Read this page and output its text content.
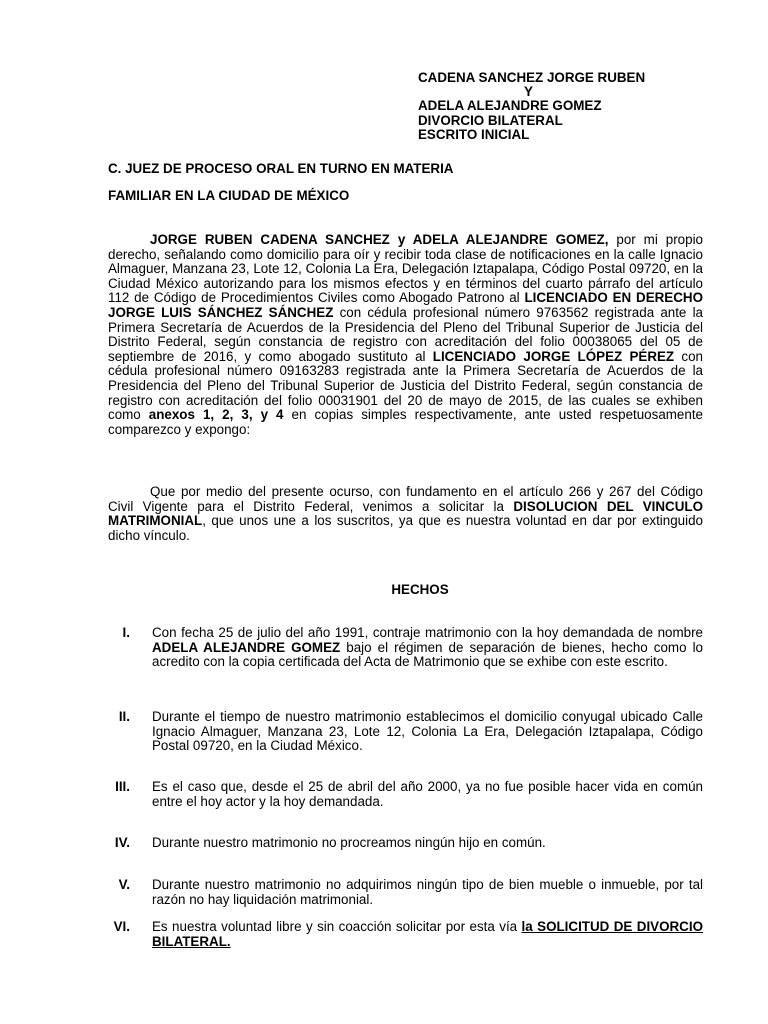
CADENA SANCHEZ JORGE RUBEN
Y
ADELA ALEJANDRE GOMEZ
DIVORCIO BILATERAL
ESCRITO INICIAL
C. JUEZ DE PROCESO ORAL EN TURNO EN MATERIA
FAMILIAR EN LA CIUDAD DE MÉXICO

JORGE RUBEN CADENA SANCHEZ y ADELA ALEJANDRE GOMEZ, por mi propio derecho, señalando como domicilio para oír y recibir toda clase de notificaciones en la calle Ignacio Almaguer, Manzana 23, Lote 12, Colonia La Era, Delegación Iztapalapa, Código Postal 09720, en la Ciudad México autorizando para los mismos efectos y en términos del cuarto párrafo del artículo 112 de Código de Procedimientos Civiles como Abogado Patrono al LICENCIADO EN DERECHO JORGE LUIS SÁNCHEZ SÁNCHEZ con cédula profesional número 9763562 registrada ante la Primera Secretaría de Acuerdos de la Presidencia del Pleno del Tribunal Superior de Justicia del Distrito Federal, según constancia de registro con acreditación del folio 00038065 del 05 de septiembre de 2016, y como abogado sustituto al LICENCIADO JORGE LÓPEZ PÉREZ con cédula profesional número 09163283 registrada ante la Primera Secretaría de Acuerdos de la Presidencia del Pleno del Tribunal Superior de Justicia del Distrito Federal, según constancia de registro con acreditación del folio 00031901 del 20 de mayo de 2015, de las cuales se exhiben como anexos 1, 2, 3, y 4 en copias simples respectivamente, ante usted respetuosamente comparezco y expongo:

Que por medio del presente ocurso, con fundamento en el artículo 266 y 267 del Código Civil Vigente para el Distrito Federal, venimos a solicitar la DISOLUCION DEL VINCULO MATRIMONIAL, que unos une a los suscritos, ya que es nuestra voluntad en dar por extinguido dicho vínculo.

HECHOS
I. Con fecha 25 de julio del año 1991, contraje matrimonio con la hoy demandada de nombre ADELA ALEJANDRE GOMEZ bajo el régimen de separación de bienes, hecho como lo acredito con la copia certificada del Acta de Matrimonio que se exhibe con este escrito.
II. Durante el tiempo de nuestro matrimonio establecimos el domicilio conyugal ubicado Calle Ignacio Almaguer, Manzana 23, Lote 12, Colonia La Era, Delegación Iztapalapa, Código Postal 09720, en la Ciudad México.
III. Es el caso que, desde el 25 de abril del año 2000, ya no fue posible hacer vida en común entre el hoy actor y la hoy demandada.
IV. Durante nuestro matrimonio no procreamos ningún hijo en común.
V. Durante nuestro matrimonio no adquirimos ningún tipo de bien mueble o inmueble, por tal razón no hay liquidación matrimonial.
VI. Es nuestra voluntad libre y sin coacción solicitar por esta vía la SOLICITUD DE DIVORCIO BILATERAL.
